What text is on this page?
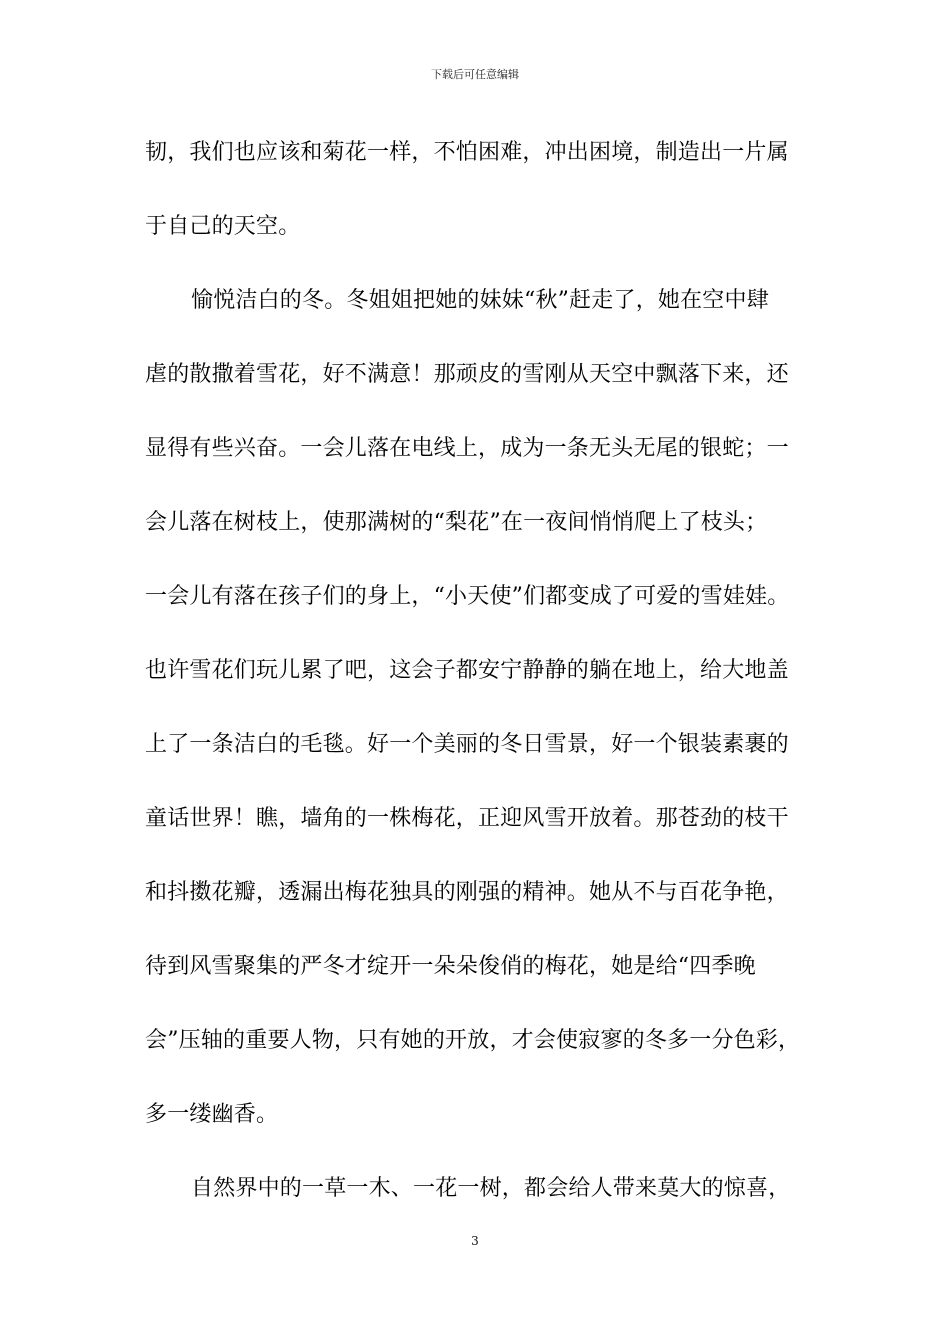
下载后可任意编辑
韧，我们也应该和菊花一样，不怕困难，冲出困境，制造出一片属
于自己的天空。
愉悦洁白的冬。冬姐姐把她的妹妹“秋”赶走了，她在空中肆
虐的散撒着雪花，好不满意！那顽皮的雪刚从天空中飘落下来，还
显得有些兴奋。一会儿落在电线上，成为一条无头无尾的银蛇；一
会儿落在树枝上，使那满树的“梨花”在一夜间悄悄爬上了枝头；
一会儿有落在孩子们的身上，“小天使”们都变成了可爱的雪娃娃。
也许雪花们玩儿累了吧，这会子都安宁静静的躺在地上，给大地盖
上了一条洁白的毛毯。好一个美丽的冬日雪景，好一个银装素裹的
童话世界！瞧，墙角的一株梅花，正迎风雪开放着。那苍劲的枝干
和抖擞花瓣，透漏出梅花独具的刚强的精神。她从不与百花争艳，
待到风雪聚集的严冬才绽开一朵朵俊俏的梅花，她是给“四季晚
会”压轴的重要人物，只有她的开放，才会使寂寥的冬多一分色彩，
多一缕幽香。
自然界中的一草一木、一花一树，都会给人带来莫大的惊喜，
3
